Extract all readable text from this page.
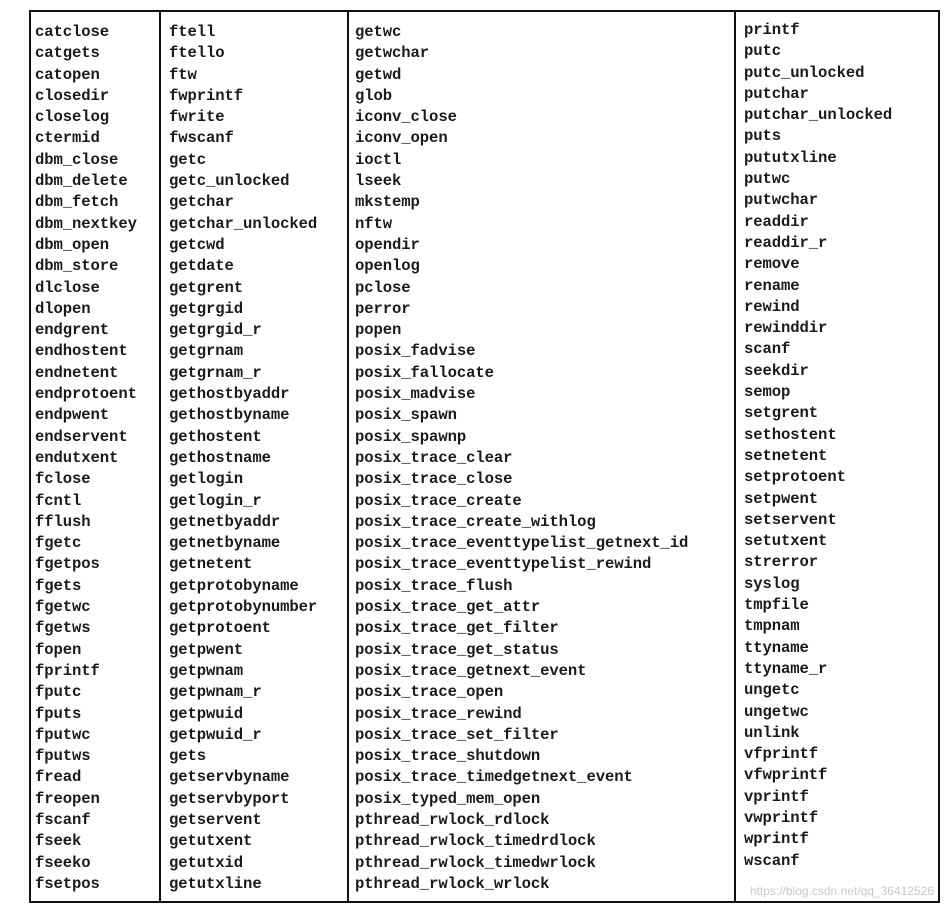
catclose
catgets
catopen
closedir
closelog
ctermid
dbm_close
dbm_delete
dbm_fetch
dbm_nextkey
dbm_open
dbm_store
dlclose
dlopen
endgrent
endhostent
endnetent
endprotoent
endpwent
endservent
endutxent
fclose
fcntl
fflush
fgetc
fgetpos
fgets
fgetwc
fgetws
fopen
fprintf
fputc
fputs
fputwc
fputws
fread
freopen
fscanf
fseek
fseeko
fsetpos
ftell
ftello
ftw
fwprintf
fwrite
fwscanf
getc
getc_unlocked
getchar
getchar_unlocked
getcwd
getdate
getgrent
getgrgid
getgrgid_r
getgrnam
getgrnam_r
gethostbyaddr
gethostbyname
gethostent
gethostname
getlogin
getlogin_r
getnetbyaddr
getnetbyname
getnetent
getprotobyname
getprotobynumber
getprotoent
getpwent
getpwnam
getpwnam_r
getpwuid
getpwuid_r
gets
getservbyname
getservbyport
getservent
getutxent
getutxid
getutxline
getwc
getwchar
getwd
glob
iconv_close
iconv_open
ioctl
lseek
mkstemp
nftw
opendir
openlog
pclose
perror
popen
posix_fadvise
posix_fallocate
posix_madvise
posix_spawn
posix_spawnp
posix_trace_clear
posix_trace_close
posix_trace_create
posix_trace_create_withlog
posix_trace_eventtypelist_getnext_id
posix_trace_eventtypelist_rewind
posix_trace_flush
posix_trace_get_attr
posix_trace_get_filter
posix_trace_get_status
posix_trace_getnext_event
posix_trace_open
posix_trace_rewind
posix_trace_set_filter
posix_trace_shutdown
posix_trace_timedgetnext_event
posix_typed_mem_open
pthread_rwlock_rdlock
pthread_rwlock_timedrdlock
pthread_rwlock_timedwrlock
pthread_rwlock_wrlock
printf
putc
putc_unlocked
putchar
putchar_unlocked
puts
pututxline
putwc
putwchar
readdir
readdir_r
remove
rename
rewind
rewinddir
scanf
seekdir
semop
setgrent
sethostent
setnetent
setprotoent
setpwent
setservent
setutxent
strerror
syslog
tmpfile
tmpnam
ttyname
ttyname_r
ungetc
ungetwc
unlink
vfprintf
vfwprintf
vprintf
vwprintf
wprintf
wscanf
https://blog.csdn.net/qq_36412526
